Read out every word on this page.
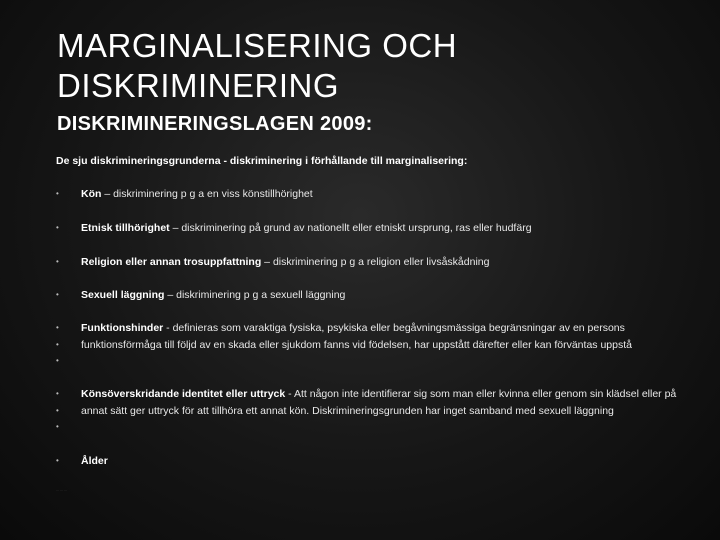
MARGINALISERING OCH DISKRIMINERING
DISKRIMINERINGSLAGEN 2009:

De sju diskrimineringsgrunderna - diskriminering i förhållande till marginalisering:

•	Kön – diskriminering p g a en viss könstillhörighet
•	Etnisk tillhörighet – diskriminering på grund av nationellt eller etniskt ursprung, ras eller hudfärg
•	Religion eller annan trosuppfattning – diskriminering p g a religion eller livsåskådning
•	Sexuell läggning – diskriminering p g a sexuell läggning
•
•
•
Funktionshinder - definieras som varaktiga fysiska, psykiska eller begåvningsmässiga begränsningar av en persons funktionsförmåga till följd av en skada eller sjukdom fanns vid födelsen, har uppstått därefter eller kan förväntas uppstå
•
•
•
Könsöverskridande identitet eller uttryck - Att någon inte identifierar sig som man eller kvinna eller genom sin klädsel eller på annat sätt ger uttryck för att tillhöra ett annat kön. Diskrimineringsgrunden har inget samband med sexuell läggning
•	Ålder
………
